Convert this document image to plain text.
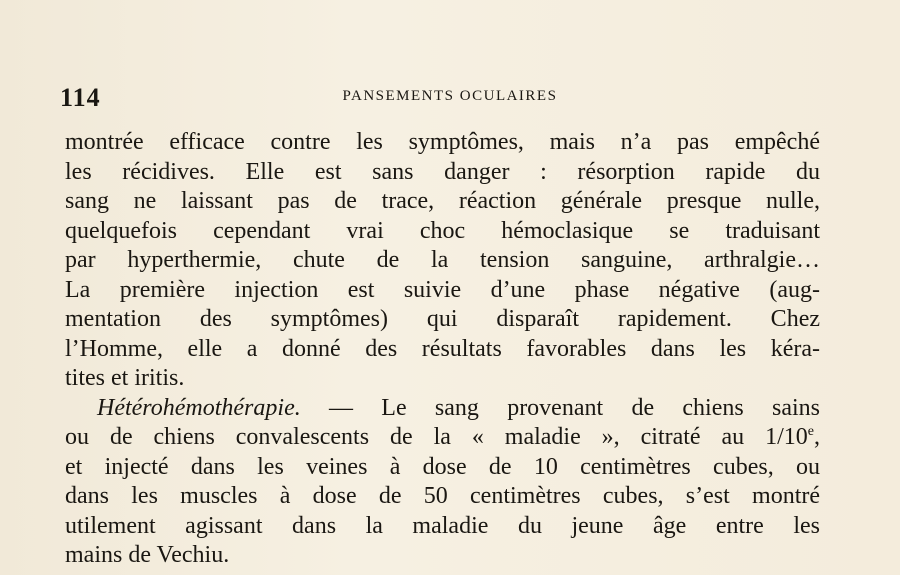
114	PANSEMENTS OCULAIRES
montrée efficace contre les symptômes, mais n’a pas empêché
les récidives. Elle est sans danger : résorption rapide du
sang ne laissant pas de trace, réaction générale presque nulle,
quelquefois cependant vrai choc hémoclasique se traduisant
par hyperthermie, chute de la tension sanguine, arthralgie…
La première injection est suivie d’une phase négative (aug-
mentation des symptômes) qui disparaît rapidement. Chez
l’Homme, elle a donné des résultats favorables dans les kéra-
tites et iritis.
Hétérohémothérapie. — Le sang provenant de chiens sains
ou de chiens convalescents de la « maladie », citraté au 1/10e,
et injecté dans les veines à dose de 10 centimètres cubes, ou
dans les muscles à dose de 50 centimètres cubes, s’est montré
utilement agissant dans la maladie du jeune âge entre les
mains de Vechiu.
